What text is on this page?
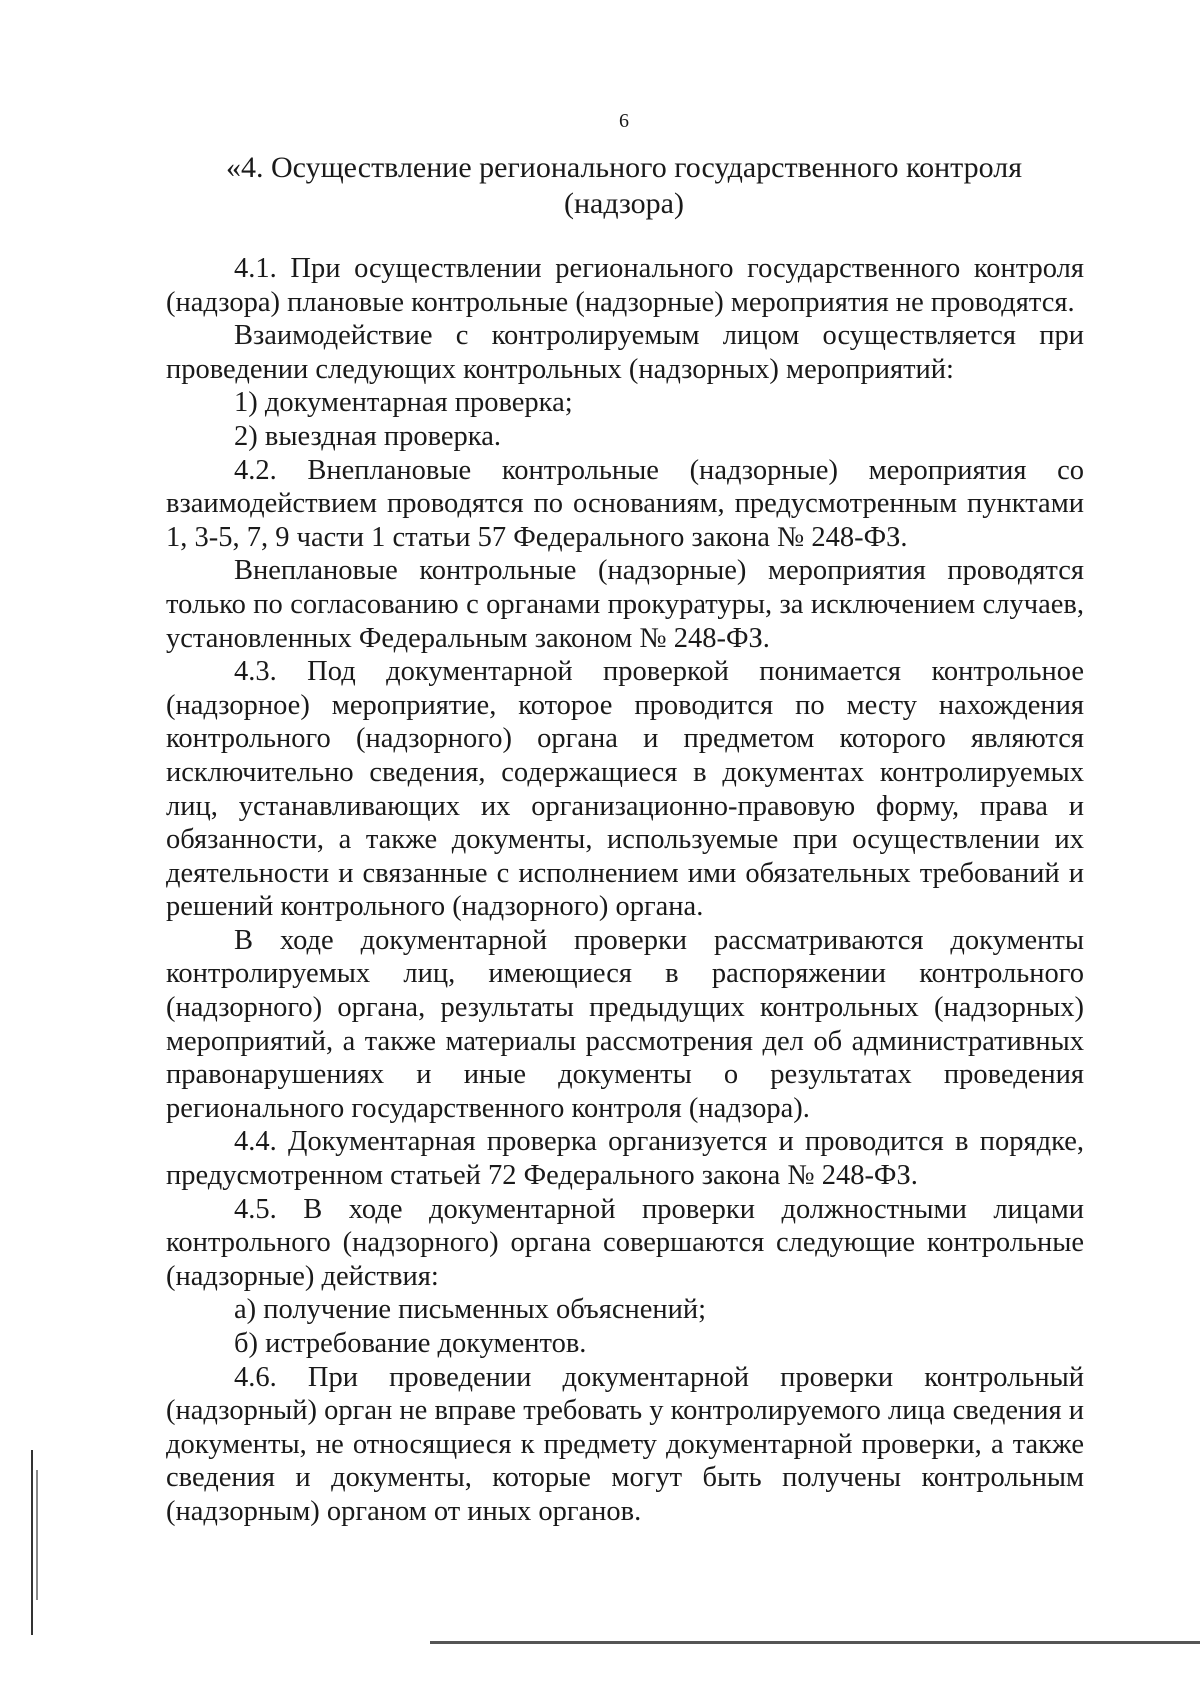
6
«4. Осуществление регионального государственного контроля
(надзора)

4.1. При осуществлении регионального государственного контроля (надзора) плановые контрольные (надзорные) мероприятия не проводятся.

Взаимодействие с контролируемым лицом осуществляется при проведении следующих контрольных (надзорных) мероприятий:

1) документарная проверка;

2) выездная проверка.

4.2. Внеплановые контрольные (надзорные) мероприятия со взаимодействием проводятся по основаниям, предусмотренным пунктами 1, 3-5, 7, 9 части 1 статьи 57 Федерального закона № 248-ФЗ.

Внеплановые контрольные (надзорные) мероприятия проводятся только по согласованию с органами прокуратуры, за исключением случаев, установленных Федеральным законом № 248-ФЗ.

4.3. Под документарной проверкой понимается контрольное (надзорное) мероприятие, которое проводится по месту нахождения контрольного (надзорного) органа и предметом которого являются исключительно сведения, содержащиеся в документах контролируемых лиц, устанавливающих их организационно-правовую форму, права и обязанности, а также документы, используемые при осуществлении их деятельности и связанные с исполнением ими обязательных требований и решений контрольного (надзорного) органа.

В ходе документарной проверки рассматриваются документы контролируемых лиц, имеющиеся в распоряжении контрольного (надзорного) органа, результаты предыдущих контрольных (надзорных) мероприятий, а также материалы рассмотрения дел об административных правонарушениях и иные документы о результатах проведения регионального государственного контроля (надзора).

4.4. Документарная проверка организуется и проводится в порядке, предусмотренном статьей 72 Федерального закона № 248-ФЗ.

4.5. В ходе документарной проверки должностными лицами контрольного (надзорного) органа совершаются следующие контрольные (надзорные) действия:

а) получение письменных объяснений;

б) истребование документов.

4.6. При проведении документарной проверки контрольный (надзорный) орган не вправе требовать у контролируемого лица сведения и документы, не относящиеся к предмету документарной проверки, а также сведения и документы, которые могут быть получены контрольным (надзорным) органом от иных органов.
